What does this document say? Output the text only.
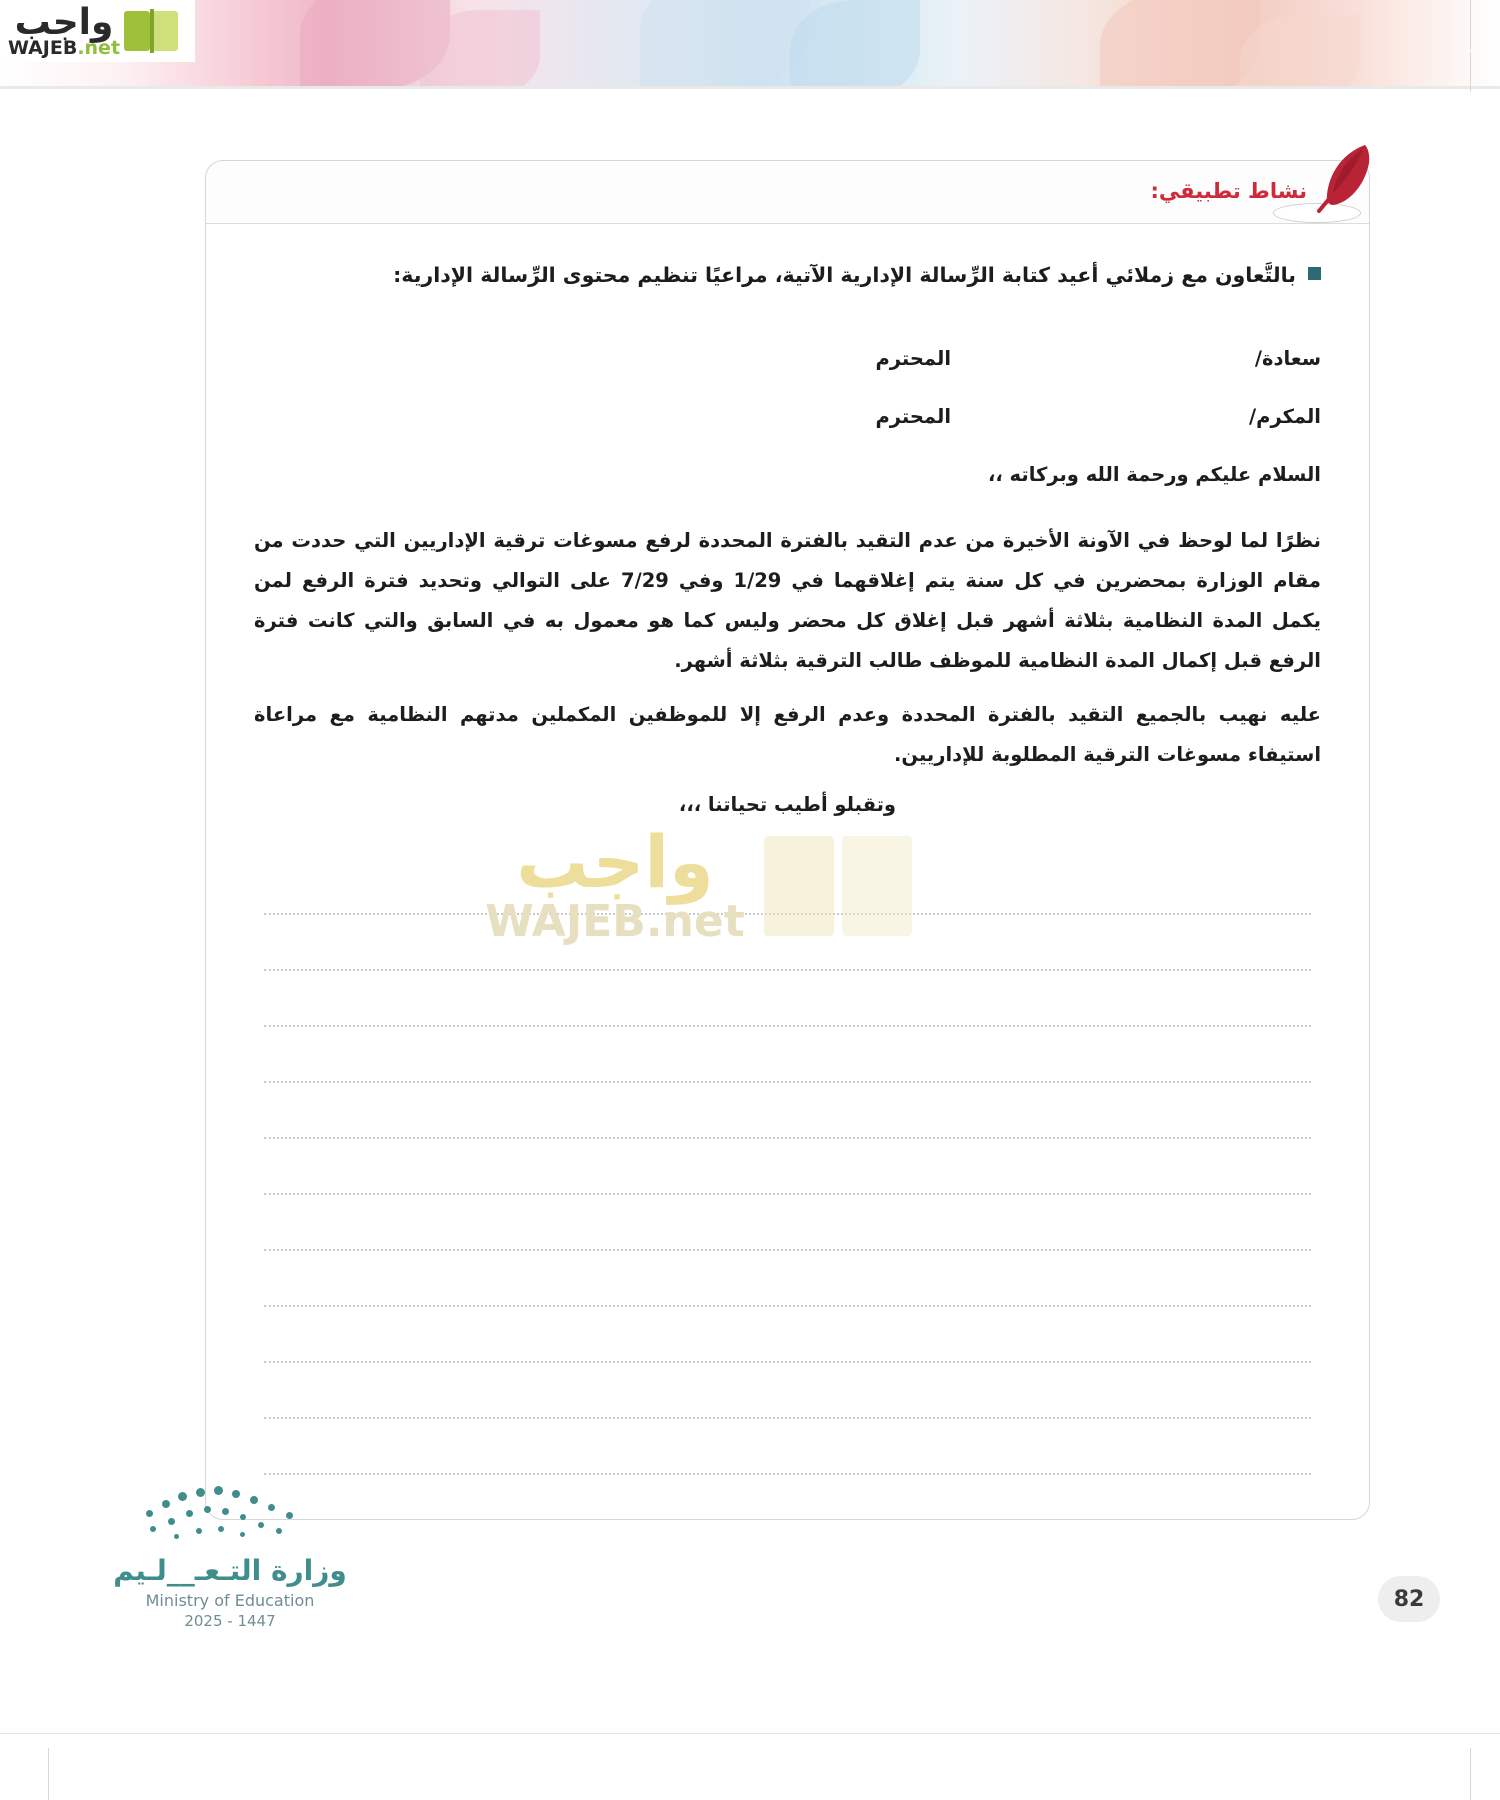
واجب
WAJEB.net
نشاط تطبيقي:
بالتَّعاون مع زملائي أعيد كتابة الرِّسالة الإدارية الآتية، مراعيًا تنظيم محتوى الرِّسالة الإدارية:
سعادة/
المحترم
المكرم/
المحترم
السلام عليكم ورحمة الله وبركاته ،،
نظرًا لما لوحظ في الآونة الأخيرة من عدم التقيد بالفترة المحددة لرفع مسوغات ترقية الإداريين التي حددت من مقام الوزارة بمحضرين في كل سنة يتم إغلاقهما في 1/29 وفي 7/29 على التوالي وتحديد فترة الرفع لمن يكمل المدة النظامية بثلاثة أشهر قبل إغلاق كل محضر وليس كما هو معمول به في السابق والتي كانت فترة الرفع قبل إكمال المدة النظامية للموظف طالب الترقية بثلاثة أشهر.
عليه نهيب بالجميع التقيد بالفترة المحددة وعدم الرفع إلا للموظفين المكملين مدتهم النظامية مع مراعاة استيفاء مسوغات الترقية المطلوبة للإداريين.
وتقبلو أطيب تحياتنا ،،،
واجب
WAJEB.net
وزارة التـعـ__لـيم
Ministry of Education
2025 - 1447
82
